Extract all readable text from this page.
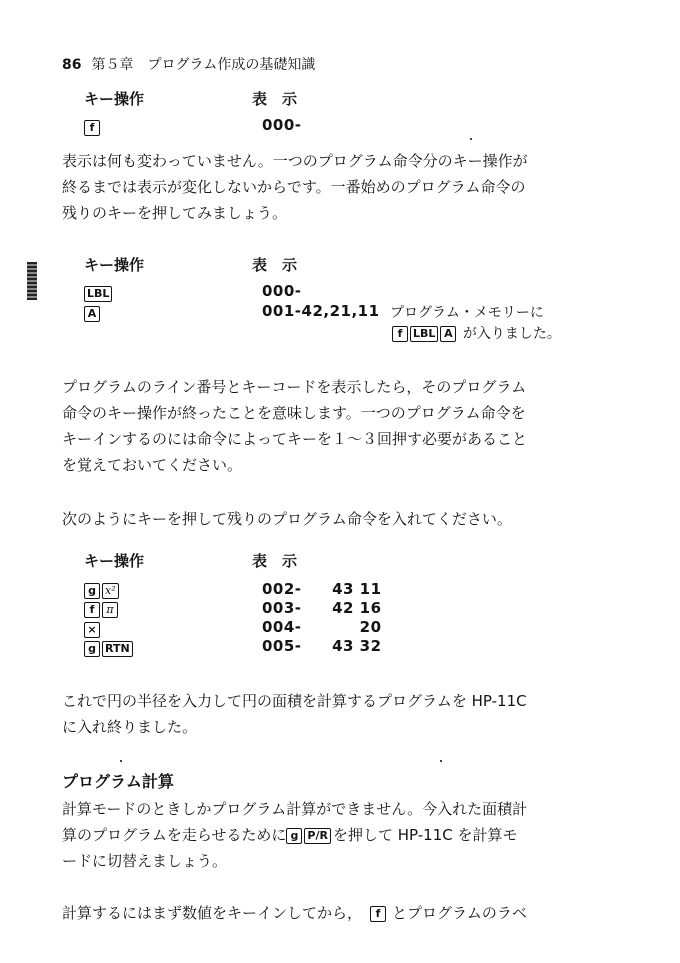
86 第５章　プログラム作成の基礎知識
キー操作	表　示
f	000-

表示は何も変わっていません。一つのプログラム命令分のキー操作が

終るまでは表示が変化しないからです。一番始めのプログラム命令の

残りのキーを押してみましょう。

キー操作	表　示
LBL	000-
A	001-42,21,11 プログラム・メモリーに
f LBL A が入りました。

プログラムのライン番号とキーコードを表示したら，そのプログラム

命令のキー操作が終ったことを意味します。一つのプログラム命令を

キーインするのには命令によってキーを１～３回押す必要があること

を覚えておいてください。

次のようにキーを押して残りのプログラム命令を入れてください。

キー操作	表　示
g x²	002- 43 11
f π	003- 42 16
×	004-	20
g RTN	005- 43 32

これで円の半径を入力して円の面積を計算するプログラムを HP-11C

に入れ終りました。

プログラム計算

計算モードのときしかプログラム計算ができません。今入れた面積計

算のプログラムを走らせるために g P/R を押して HP-11C を計算モ

ードに切替えましょう。

計算するにはまず数値をキーインしてから， f とプログラムのラベ
